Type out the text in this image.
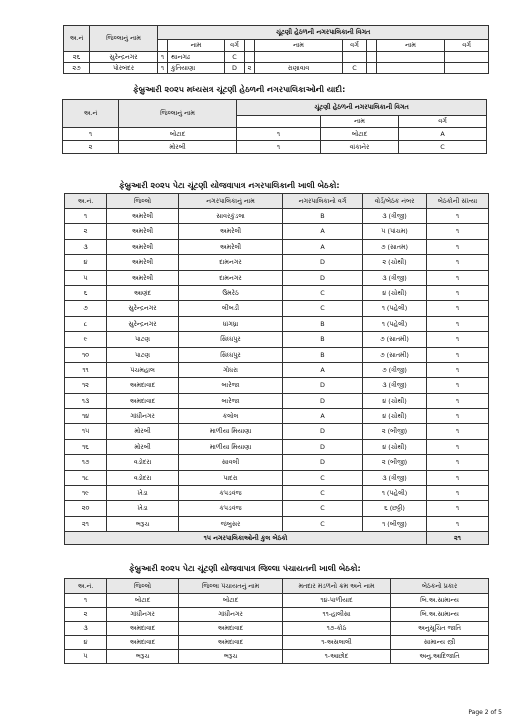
અ.નં	જિલ્લાનું નામ	ચૂંટણી હેઠળની નગરપાલિકાની વિગત								
			નામ	વર્ગ		નામ	વર્ગ		નામ	વર્ગ
૨૬	સુરેન્દ્રનગર	૧	થાનગઢ	C						
૨૭	પોરબંદર	૧	કુતિયાણા	D	૨	રાણાવાવ	C			
ફેબ્રુઆરી ૨૦૨૫ મધ્યસત્ર ચૂંટણી હેઠળની નગરપાલિકાઓની યાદી:
અ.નં	જિલ્લાનું નામ	ચૂંટણી હેઠળની નગરપાલિકાની વિગત		
			નામ	વર્ગ
૧	બોટાદ	૧	બોટાદ	A
૨	મોરબી	૧	વાંકાનેર	C
ફેબ્રુઆરી ૨૦૨૫ પેટા ચૂંટણી યોજવાપાત્ર નગરપાલિકાની ખાલી બેઠકો:
અ.નં.	જિલ્લો	નગરપાલિકાનું નામ	નગરપાલિકાનો વર્ગ	વોર્ડ/બેઠક નંબર	બેઠકોની સંખ્યા
૧	અમરેલી	સાવરકુંડલા	B	૩ (ત્રીજી)	૧
૨	અમરેલી	અમરેલી	A	૫ (પાંચમ)	૧
૩	અમરેલી	અમરેલી	A	૭ (સાતમ)	૧
૪	અમરેલી	દામનગર	D	૨ (ચોથી)	૧
૫	અમરેલી	દામનગર	D	૩ (ત્રીજી)	૧
૬	આણંદ	ઉમરેઠ	C	૪ (ચોથી)	૧
૭	સુરેન્દ્રનગર	લીંબડી	C	૧ (પહેલી)	૧
૮	સુરેન્દ્રનગર	ધાંગધ્રા	B	૧ (પહેલી)	૧
૯	પાટણ	સિધ્ધપુર	B	૭ (સાતમી)	૧
૧૦	પાટણ	સિધ્ધપુર	B	૭ (સાતમી)	૧
૧૧	પંચમહાલ	ગોધરા	A	૭ (ત્રીજી)	૧
૧૨	અમદાવાદ	બારેજા	D	૩ (ત્રીજી)	૧
૧૩	અમદાવાદ	બારેજા	D	૪ (ચોથી)	૧
૧૪	ગાંધીનગર	કલોલ	A	૪ (ચોથી)	૧
૧૫	મોરબી	માળીયા મિયાણા	D	૨ (બીજી)	૧
૧૬	મોરબી	માળીયા મિયાણા	D	૪ (ચોથી)	૧
૧૭	વડોદરા	સાવલી	D	૨ (બીજી)	૧
૧૮	વડોદરા	પાદરા	C	૩ (ત્રીજી)	૧
૧૯	ખેડા	કપડવંજ	C	૧ (પહેલી)	૧
૨૦	ખેડા	કપડવંજ	C	૬ (છઠ્ઠી)	૧
૨૧	ભરૂચ	જંબુસર	C	૧ (બીજી)	૧
૧૫ નગરપાલિકાઓની કુલ બેઠકો					૨૧
ફેબ્રુઆરી ૨૦૨૫ પેટા ચૂંટણી યોજવાપાત્ર જિલ્લા પંચાયતની ખાલી બેઠકો:
અ.નં.	જિલ્લો	જિલ્લા પંચાયતનું નામ	મતદાર મંડળનો ક્રમ અને નામ	બેઠકનો પ્રકાર
૧	બોટાદ	બોટાદ	૧૪-પાળીયાદ	બિ.અ.સામાન્ય
૨	ગાંધીનગર	ગાંધીનગર	૧૧-હાલીસા	બિ.અ.સામાન્ય
૩	અમદાવાદ	અમદાવાદ	૧૭-કોઠ	અનુસૂચિત જાતિ
૪	અમદાવાદ	અમદાવાદ	૧-અસલાલી	સામાન્ય સ્ત્રી
૫	ભરૂચ	ભરૂચ	૧-આછોદ	અનુ.આદિજાતિ
Page 2 of 5
